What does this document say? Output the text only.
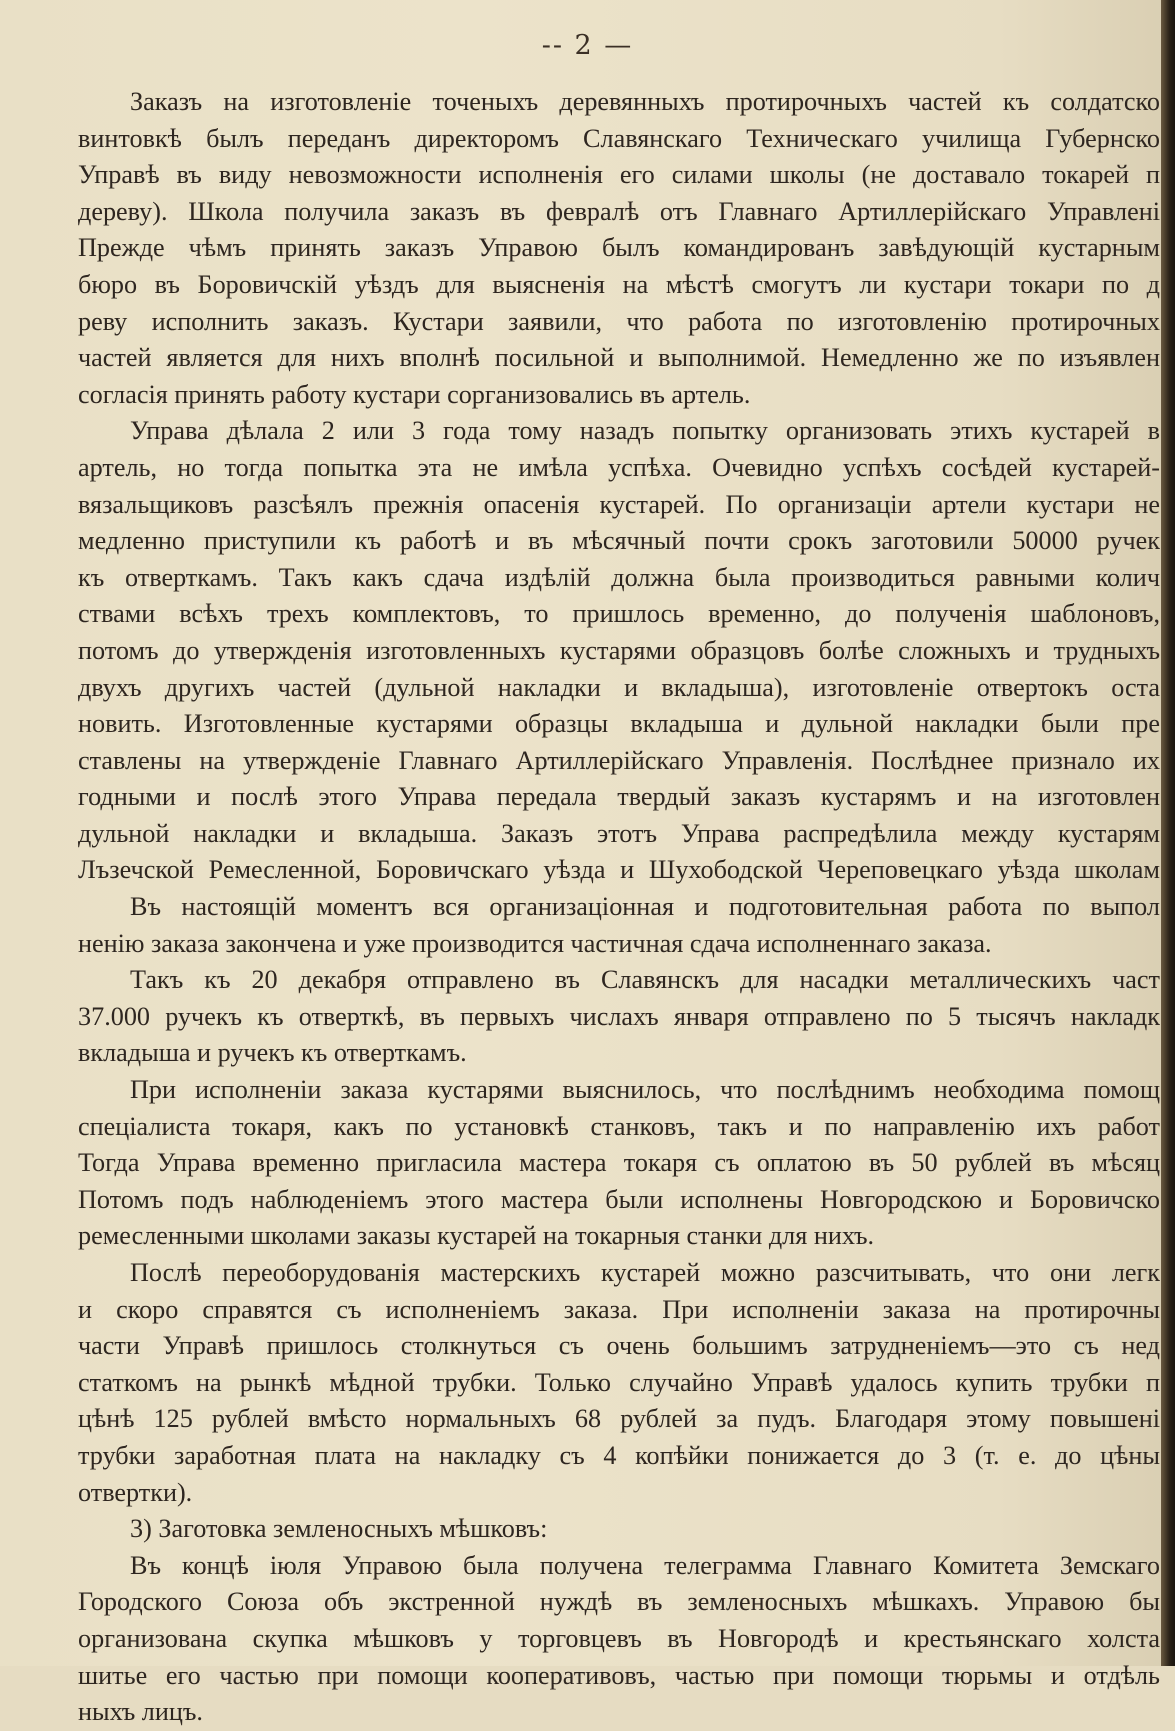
-- 2 —
Заказъ на изготовленіе точеныхъ деревянныхъ протирочныхъ частей къ солдатско
винтовкѣ былъ переданъ директоромъ Славянскаго Техническаго училища Губернско
Управѣ въ виду невозможности исполненія его силами школы (не доставало токарей п
дереву). Школа получила заказъ въ февралѣ отъ Главнаго Артиллерійскаго Управлені
Прежде чѣмъ принять заказъ Управою былъ командированъ завѣдующій кустарным
бюро въ Боровичскій уѣздъ для выясненія на мѣстѣ смогутъ ли кустари токари по д
реву исполнить заказъ. Кустари заявили, что работа по изготовленію протирочных
частей является для нихъ вполнѣ посильной и выполнимой. Немедленно же по изъявлен
согласія принять работу кустари сорганизовались въ артель.
Управа дѣлала 2 или 3 года тому назадъ попытку организовать этихъ кустарей в
артель, но тогда попытка эта не имѣла успѣха. Очевидно успѣхъ сосѣдей кустарей-
вязальщиковъ разсѣялъ прежнія опасенія кустарей. По организаціи артели кустари не
медленно приступили къ работѣ и въ мѣсячный почти срокъ заготовили 50000 ручек
къ отверткамъ. Такъ какъ сдача издѣлій должна была производиться равными колич
ствами всѣхъ трехъ комплектовъ, то пришлось временно, до полученія шаблоновъ,
потомъ до утвержденія изготовленныхъ кустарями образцовъ болѣе сложныхъ и трудныхъ
двухъ другихъ частей (дульной накладки и вкладыша), изготовленіе отвертокъ оста
новить. Изготовленные кустарями образцы вкладыша и дульной накладки были пре
ставлены на утвержденіе Главнаго Артиллерійскаго Управленія. Послѣднее признало их
годными и послѣ этого Управа передала твердый заказъ кустарямъ и на изготовлен
дульной накладки и вкладыша. Заказъ этотъ Управа распредѣлила между кустарям
Лъзечской Ремесленной, Боровичскаго уѣзда и Шухободской Череповецкаго уѣзда школам
Въ настоящій моментъ вся организаціонная и подготовительная работа по выпол
ненію заказа закончена и уже производится частичная сдача исполненнаго заказа.
Такъ къ 20 декабря отправлено въ Славянскъ для насадки металлическихъ част
37.000 ручекъ къ отверткѣ, въ первыхъ числахъ января отправлено по 5 тысячъ накладк
вкладыша и ручекъ къ отверткамъ.
При исполненіи заказа кустарями выяснилось, что послѣднимъ необходима помощ
спеціалиста токаря, какъ по установкѣ станковъ, такъ и по направленію ихъ работ
Тогда Управа временно пригласила мастера токаря съ оплатою въ 50 рублей въ мѣсяц
Потомъ подъ наблюденіемъ этого мастера были исполнены Новгородскою и Боровичско
ремесленными школами заказы кустарей на токарныя станки для нихъ.
Послѣ переоборудованія мастерскихъ кустарей можно разсчитывать, что они легк
и скоро справятся съ исполненіемъ заказа. При исполненіи заказа на протирочны
части Управѣ пришлось столкнуться съ очень большимъ затрудненіемъ—это съ нед
статкомъ на рынкѣ мѣдной трубки. Только случайно Управѣ удалось купить трубки п
цѣнѣ 125 рублей вмѣсто нормальныхъ 68 рублей за пудъ. Благодаря этому повышені
трубки заработная плата на накладку съ 4 копѣйки понижается до 3 (т. е. до цѣны
отвертки).
3) Заготовка земленосныхъ мѣшковъ:
Въ концѣ іюля Управою была получена телеграмма Главнаго Комитета Земскаго
Городского Союза объ экстренной нуждѣ въ земленосныхъ мѣшкахъ. Управою бы
организована скупка мѣшковъ у торговцевъ въ Новгородѣ и крестьянскаго холста
шитье его частью при помощи кооперативовъ, частью при помощи тюрьмы и отдѣль
ныхъ лицъ.
